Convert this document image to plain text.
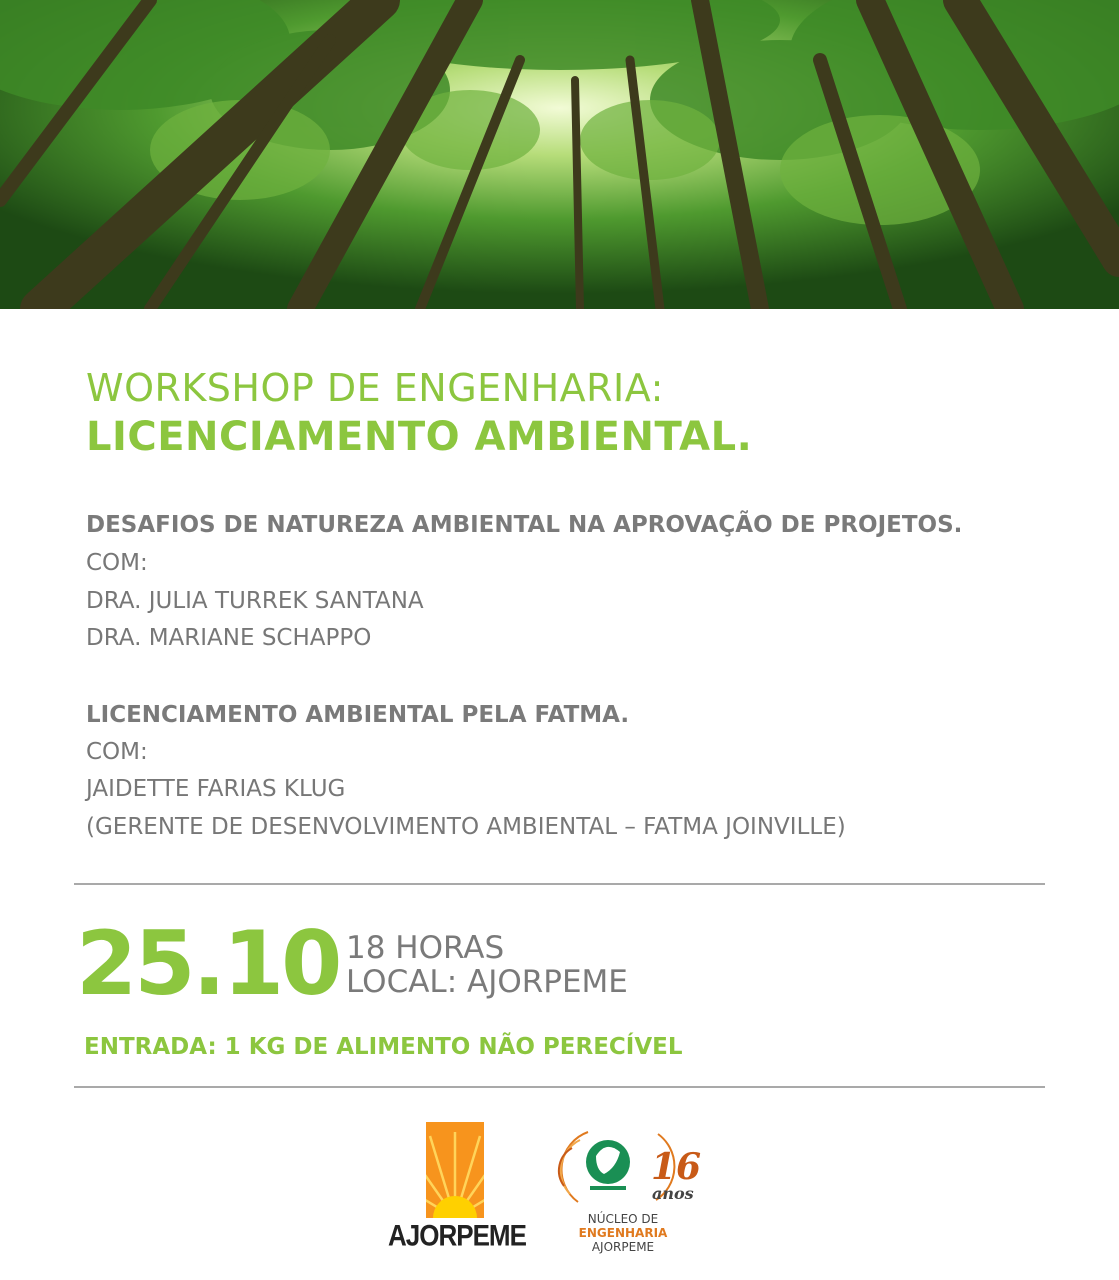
WORKSHOP DE ENGENHARIA:
LICENCIAMENTO AMBIENTAL.

DESAFIOS DE NATUREZA AMBIENTAL NA APROVAÇÃO DE PROJETOS.

COM:

DRA. JULIA TURREK SANTANA

DRA. MARIANE SCHAPPO

LICENCIAMENTO AMBIENTAL PELA FATMA.

COM:

JAIDETTE FARIAS KLUG

(GERENTE DE DESENVOLVIMENTO AMBIENTAL – FATMA JOINVILLE)

25.10 18 HORAS

LOCAL: AJORPEME

ENTRADA: 1 KG DE ALIMENTO NÃO PERECÍVEL

AJORPEME
16
anos
NÚCLEO DE
ENGENHARIA
AJORPEME
